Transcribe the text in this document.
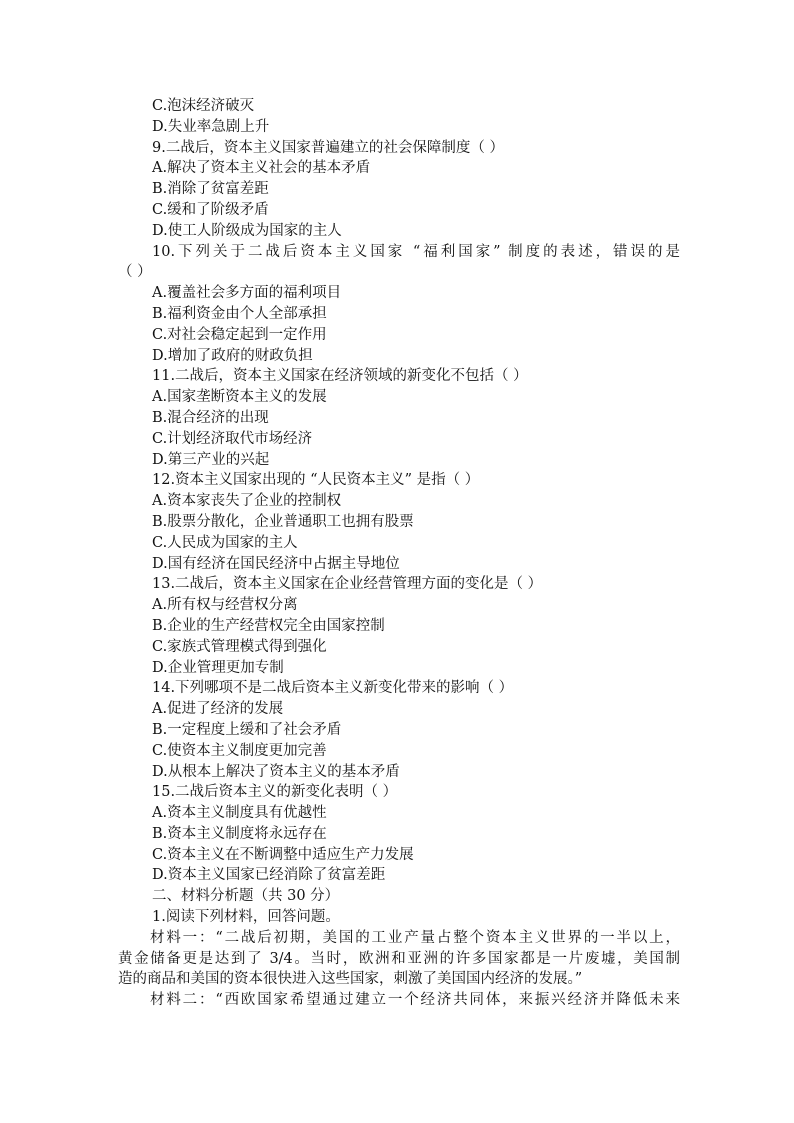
C.泡沫经济破灭
D.失业率急剧上升
9.二战后，资本主义国家普遍建立的社会保障制度（ ）
A.解决了资本主义社会的基本矛盾
B.消除了贫富差距
C.缓和了阶级矛盾
D.使工人阶级成为国家的主人
10.下列关于二战后资本主义国家 “福利国家” 制度的表述，错误的是
（ ）
A.覆盖社会多方面的福利项目
B.福利资金由个人全部承担
C.对社会稳定起到一定作用
D.增加了政府的财政负担
11.二战后，资本主义国家在经济领域的新变化不包括（ ）
A.国家垄断资本主义的发展
B.混合经济的出现
C.计划经济取代市场经济
D.第三产业的兴起
12.资本主义国家出现的 “人民资本主义” 是指（ ）
A.资本家丧失了企业的控制权
B.股票分散化，企业普通职工也拥有股票
C.人民成为国家的主人
D.国有经济在国民经济中占据主导地位
13.二战后，资本主义国家在企业经营管理方面的变化是（ ）
A.所有权与经营权分离
B.企业的生产经营权完全由国家控制
C.家族式管理模式得到强化
D.企业管理更加专制
14.下列哪项不是二战后资本主义新变化带来的影响（ ）
A.促进了经济的发展
B.一定程度上缓和了社会矛盾
C.使资本主义制度更加完善
D.从根本上解决了资本主义的基本矛盾
15.二战后资本主义的新变化表明（ ）
A.资本主义制度具有优越性
B.资本主义制度将永远存在
C.资本主义在不断调整中适应生产力发展
D.资本主义国家已经消除了贫富差距
二、材料分析题（共 30 分）
1.阅读下列材料，回答问题。
材料一：“二战后初期，美国的工业产量占整个资本主义世界的一半以上，
黄金储备更是达到了 3/4。当时，欧洲和亚洲的许多国家都是一片废墟，美国制
造的商品和美国的资本很快进入这些国家，刺激了美国国内经济的发展。”
材料二：“西欧国家希望通过建立一个经济共同体，来振兴经济并降低未来
